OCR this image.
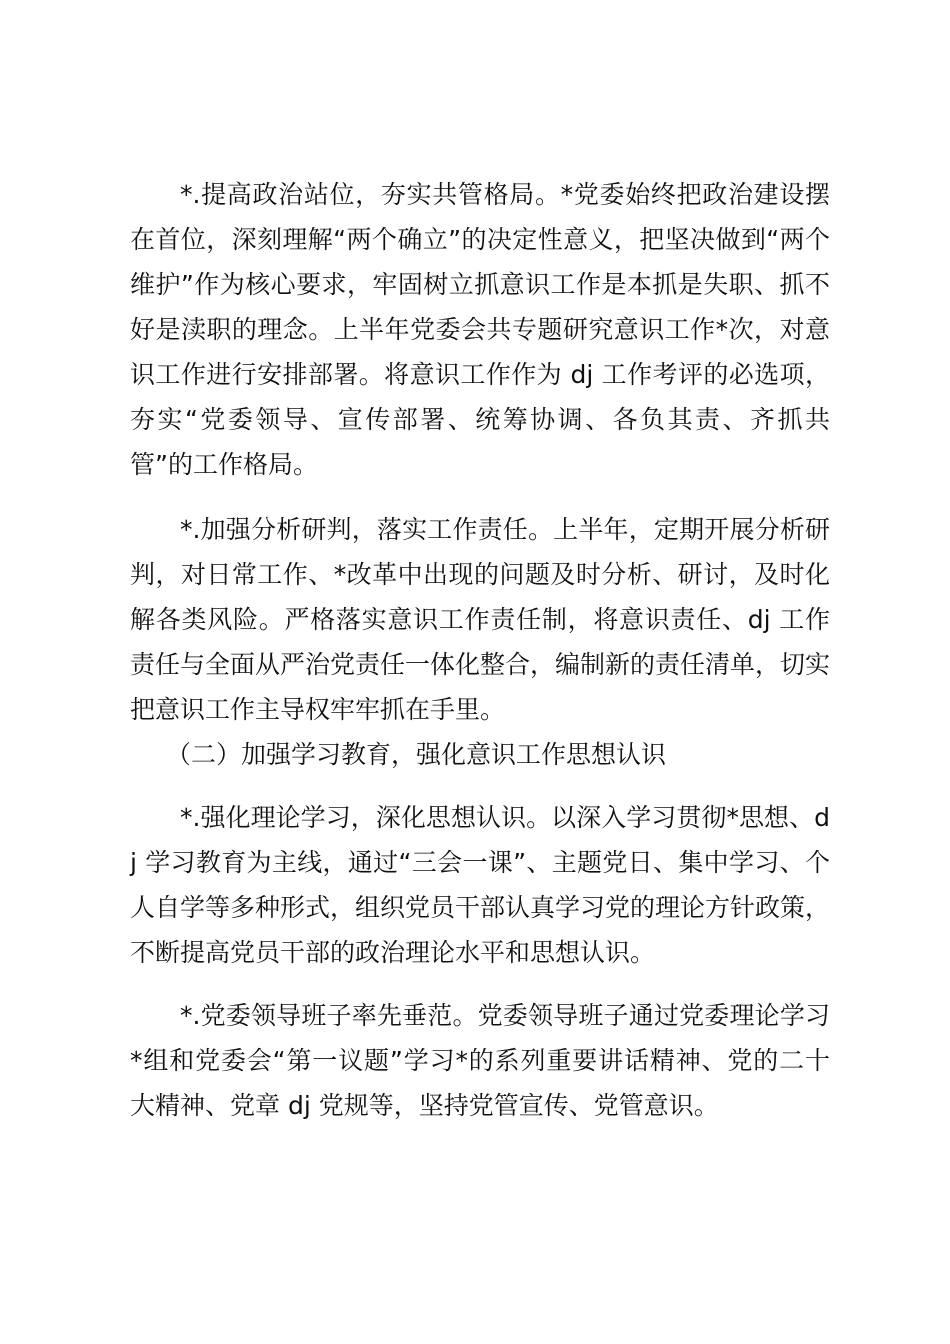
*.提高政治站位，夯实共管格局。*党委始终把政治建设摆在首位，深刻理解“两个确立”的决定性意义，把坚决做到“两个维护”作为核心要求，牢固树立抓意识工作是本抓是失职、抓不好是渎职的理念。上半年党委会共专题研究意识工作*次，对意识工作进行安排部署。将意识工作作为 dj 工作考评的必选项，夯实“党委领导、宣传部署、统筹协调、各负其责、齐抓共管”的工作格局。

*.加强分析研判，落实工作责任。上半年，定期开展分析研判，对日常工作、*改革中出现的问题及时分析、研讨，及时化解各类风险。严格落实意识工作责任制，将意识责任、dj 工作责任与全面从严治党责任一体化整合，编制新的责任清单，切实把意识工作主导权牢牢抓在手里。

（二）加强学习教育，强化意识工作思想认识

*.强化理论学习，深化思想认识。以深入学习贯彻*思想、dj 学习教育为主线，通过“三会一课”、主题党日、集中学习、个人自学等多种形式，组织党员干部认真学习党的理论方针政策，不断提高党员干部的政治理论水平和思想认识。

*.党委领导班子率先垂范。党委领导班子通过党委理论学习*组和党委会“第一议题”学习*的系列重要讲话精神、党的二十大精神、党章 dj 党规等，坚持党管宣传、党管意识。
